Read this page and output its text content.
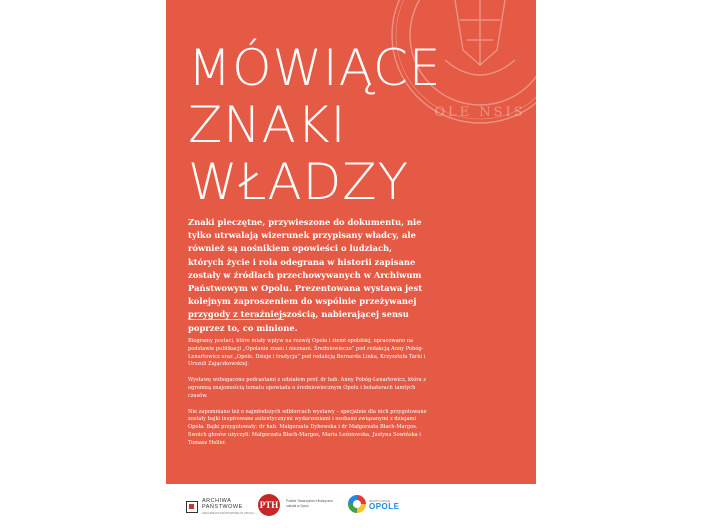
OLE NSIS
MÓWIĄCE
ZNAKI
WŁADZY
Znaki pieczętne, przywieszone do dokumentu, nie tylko utrwalają wizerunek przypisany władcy, ale również są nośnikiem opowieści o ludziach, których życie i rola odegrana w historii zapisane zostały w źródłach przechowywanych w Archiwum Państwowym w Opolu. Prezentowana wystawa jest kolejnym zaproszeniem do wspólnie przeżywanej przygody z teraźniejszością, nabierającej sensu poprzez to, co minione.

Biogramy postaci, które miały wpływ na rozwój Opola i ziemi opolskiej, opracowano na podstawie publikacji „Opolanie znani i nieznani. Średniowiecze” pod redakcją Anny Pobóg-Lenartowicz oraz „Opole. Dzieje i tradycja” pod redakcją Bernarda Linka, Krzysztofa Tarki i Urszuli Zajączkowskiej.

Wystawę wzbogacono podcastami z udziałem prof. dr hab. Anny Pobóg-Lenartowicz, która z ogromną znajomością tematu opowiada o średniowiecznym Opolu i bohaterach tamtych czasów.

Nie zapomniano też o najmłodszych odbiorcach wystawy – specjalnie dla nich przygotowane zostały bajki inspirowane autentycznymi wydarzeniami i osobami związanymi z dziejami Opola. Bajki przygotowały: dr hab. Małgorzata Dybowska i dr Małgorzata Błach-Margos. Swoich głosów użyczyli: Małgorzata Błach-Margos, Maria Leśniowska, Justyna Sowińska i Tomasz Heller.

ARCHIWA
PAŃSTWOWE
ARCHIWUM PAŃSTWOWE W OPOLU
PTH	Polskie Towarzystwo Historyczne oddział w Opolu
MIASTO OPOLE
OPOLE
